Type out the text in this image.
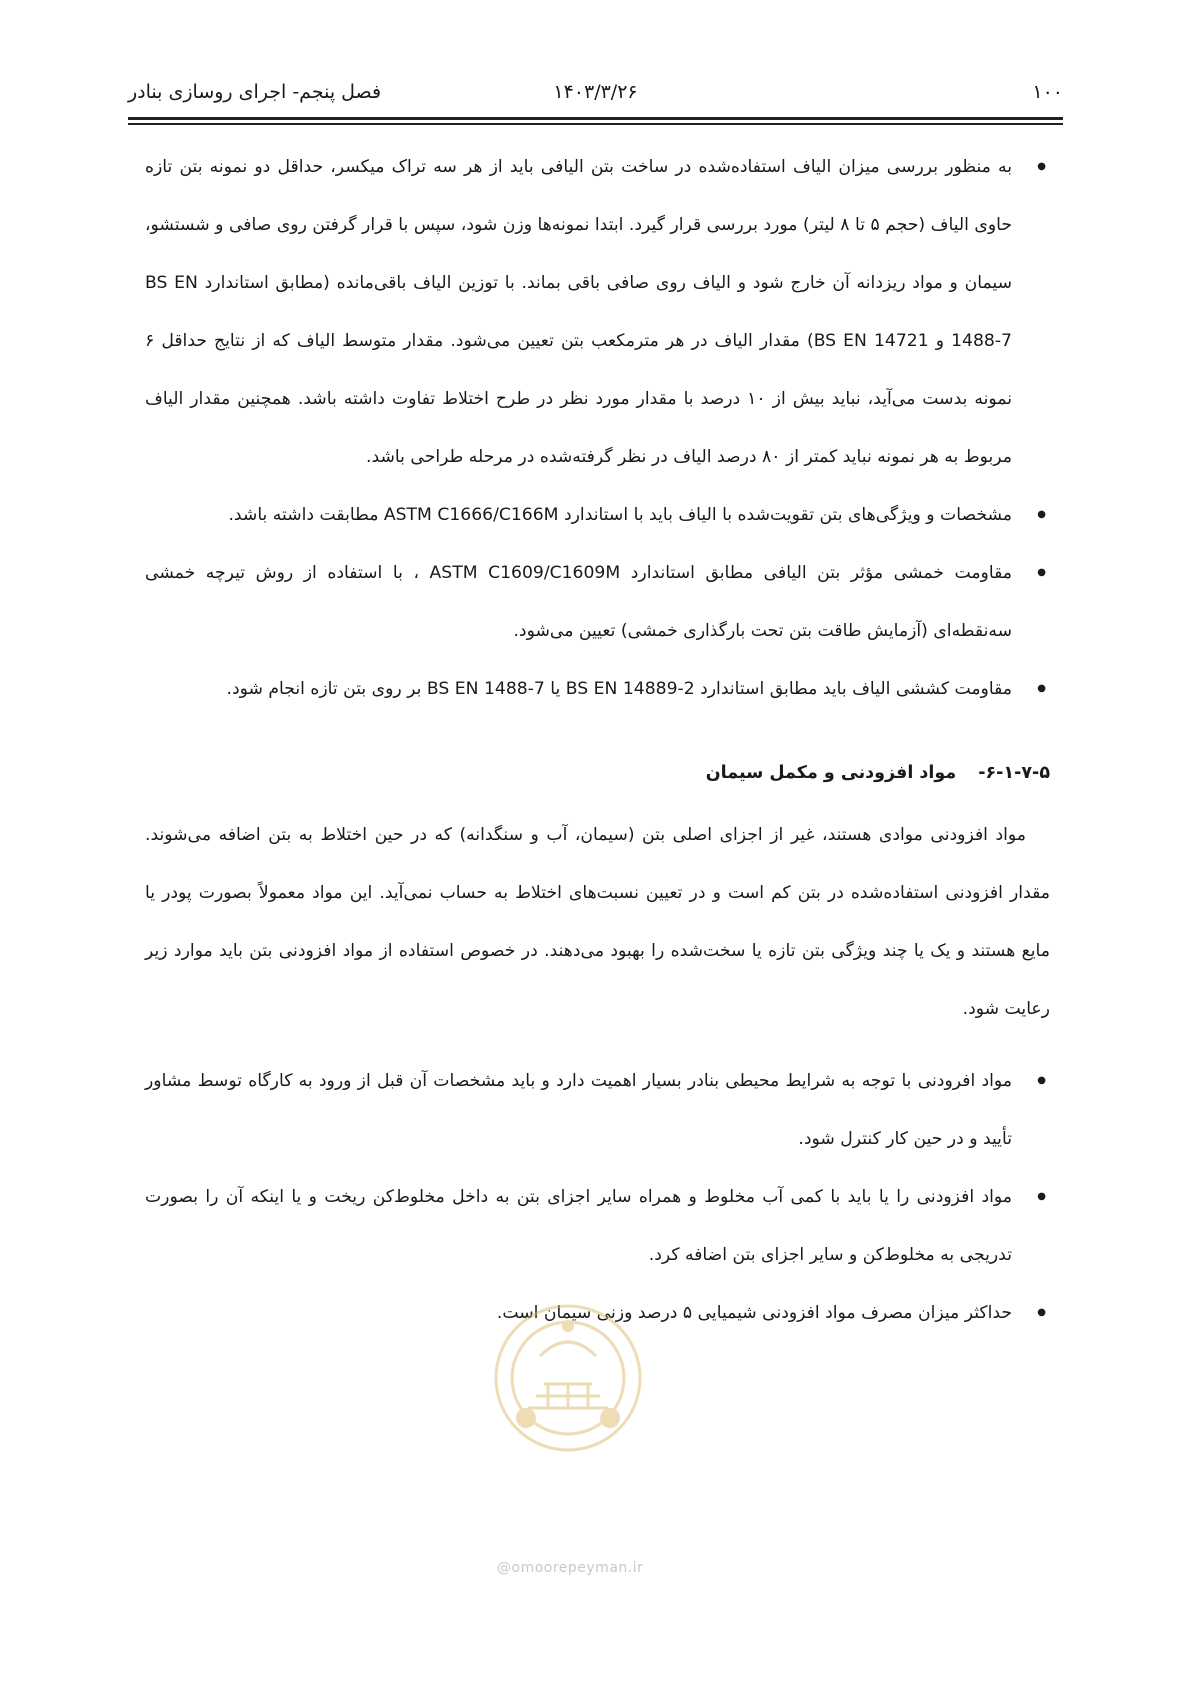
۱۰۰
۱۴۰۳/۳/۲۶
فصل پنجم- اجرای روسازی بنادر
● به منظور بررسی میزان الیاف استفاده‌شده در ساخت بتن الیافی باید از هر سه تراک میکسر، حداقل دو نمونه بتن تازه حاوی الیاف (حجم ۵ تا ۸ لیتر) مورد بررسی قرار گیرد. ابتدا نمونه‌ها وزن شود، سپس با قرار گرفتن روی صافی و شستشو، سیمان و مواد ریزدانه آن خارج شود و الیاف روی صافی باقی بماند. با توزین الیاف باقی‌مانده (مطابق استاندارد BS EN 1488-7 و BS EN 14721) مقدار الیاف در هر مترمکعب بتن تعیین می‌شود. مقدار متوسط الیاف که از نتایج حداقل ۶ نمونه بدست می‌آید، نباید بیش از ۱۰ درصد با مقدار مورد نظر در طرح اختلاط تفاوت داشته باشد. همچنین مقدار الیاف مربوط به هر نمونه نباید کمتر از ۸۰ درصد الیاف در نظر گرفته‌شده در مرحله طراحی باشد.
● مشخصات و ویژگی‌های بتن تقویت‌شده با الیاف باید با استاندارد ASTM C1666/C166M مطابقت داشته باشد.
● مقاومت خمشی مؤثر بتن الیافی مطابق استاندارد ASTM C1609/C1609M ، با استفاده از روش تیرچه خمشی سه‌نقطه‌ای (آزمایش طاقت بتن تحت بارگذاری خمشی) تعیین می‌شود.
● مقاومت کششی الیاف باید مطابق استاندارد BS EN 14889-2 یا BS EN 1488-7 بر روی بتن تازه انجام شود.
۶-۱-۷-۵-مواد افزودنی و مکمل سیمان

مواد افزودنی موادی هستند، غیر از اجزای اصلی بتن (سیمان، آب و سنگدانه) که در حین اختلاط به بتن اضافه می‌شوند. مقدار افزودنی استفاده‌شده در بتن کم است و در تعیین نسبت‌های اختلاط به حساب نمی‌آید. این مواد معمولاً بصورت پودر یا مایع هستند و یک یا چند ویژگی بتن تازه یا سخت‌شده را بهبود می‌دهند. در خصوص استفاده از مواد افزودنی بتن باید موارد زیر رعایت شود.

● مواد افرودنی با توجه به شرایط محیطی بنادر بسیار اهمیت دارد و باید مشخصات آن قبل از ورود به کارگاه توسط مشاور تأیید و در حین کار کنترل شود.
● مواد افزودنی را یا باید با کمی آب مخلوط و همراه سایر اجزای بتن به داخل مخلوط‌کن ریخت و یا اینکه آن را بصورت تدریجی به مخلوط‌کن و سایر اجزای بتن اضافه کرد.
● حداکثر میزان مصرف مواد افزودنی شیمیایی ۵ درصد وزنی سیمان است.
@omoorepeyman.ir
